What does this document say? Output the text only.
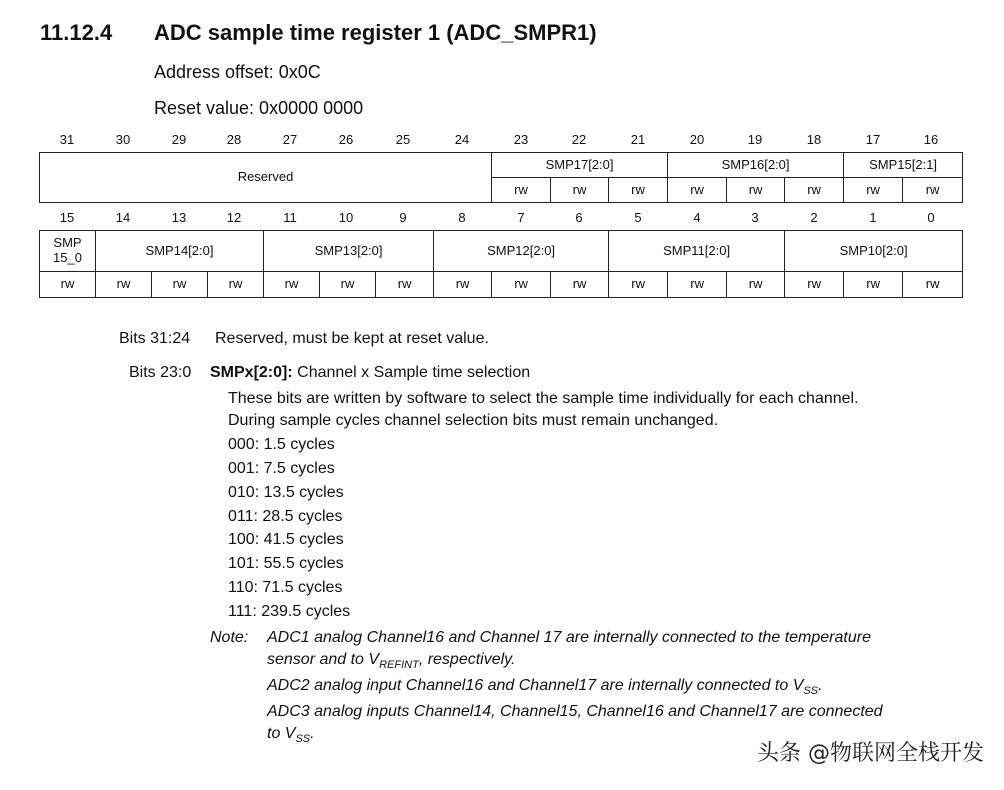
11.12.4 ADC sample time register 1 (ADC_SMPR1)
Address offset: 0x0C
Reset value: 0x0000 0000
31	30	29	28	27	26	25	24	23	22	21	20	19	18	17	16
Reserved	SMP17[2:0]			SMP16[2:0]			SMP15[2:1]	
	rw	rw	rw	rw	rw	rw	rw	rw
15	14	13	12	11	10	9	8	7	6	5	4	3	2	1	0
SMP 15_0	SMP14[2:0]			SMP13[2:0]			SMP12[2:0]			SMP11[2:0]			SMP10[2:0]		
rw	rw	rw	rw	rw	rw	rw	rw	rw	rw	rw	rw	rw	rw	rw	rw
Bits 31:24 Reserved, must be kept at reset value.
Bits 23:0 SMPx[2:0]: Channel x Sample time selection
These bits are written by software to select the sample time individually for each channel.
During sample cycles channel selection bits must remain unchanged.
000: 1.5 cycles
001: 7.5 cycles
010: 13.5 cycles
011: 28.5 cycles
100: 41.5 cycles
101: 55.5 cycles
110: 71.5 cycles
111: 239.5 cycles
Note: ADC1 analog Channel16 and Channel 17 are internally connected to the temperature
sensor and to $V_{REFINT}$, respectively.
ADC2 analog input Channel16 and Channel17 are internally connected to $V_{SS}$.
ADC3 analog inputs Channel14, Channel15, Channel16 and Channel17 are connected
to $V_{SS}$.
头条 @物联网全栈开发
